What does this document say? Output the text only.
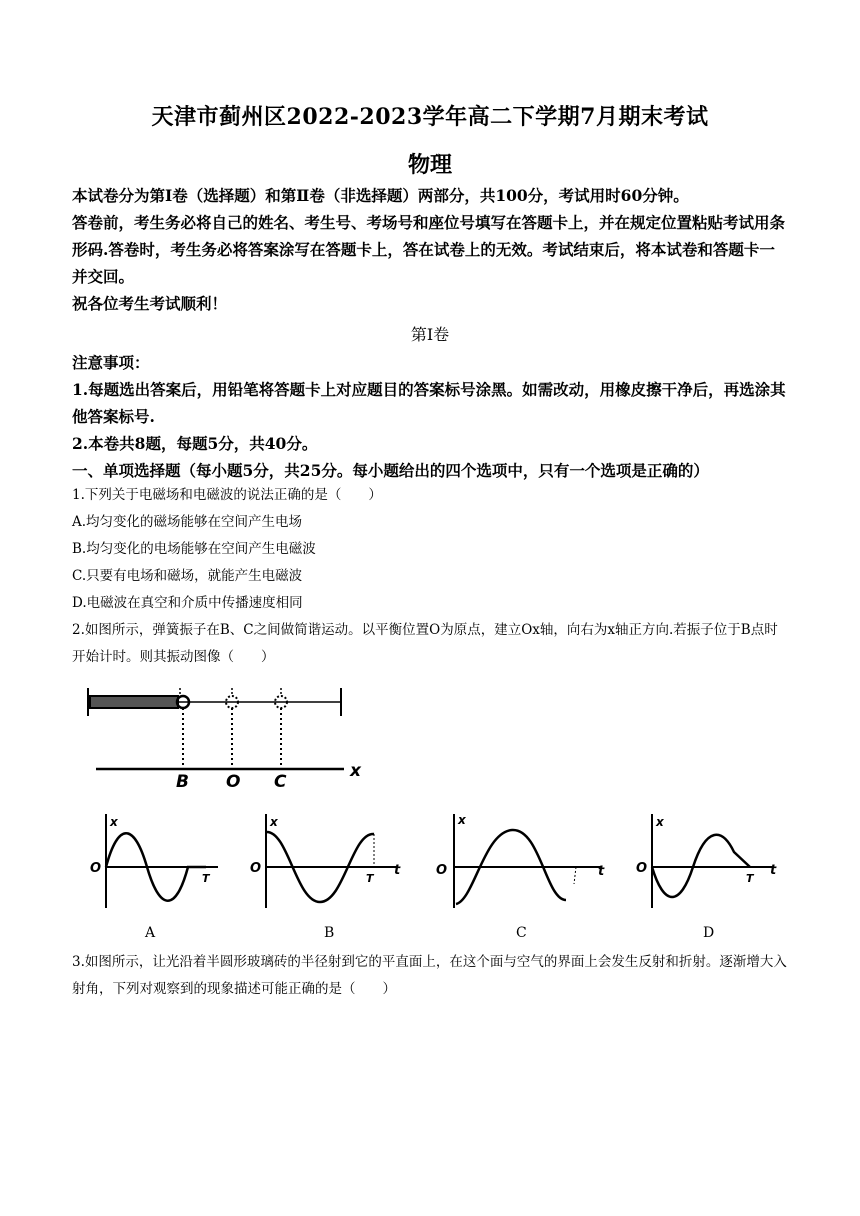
天津市蓟州区2022-2023学年高二下学期7月期末考试
物理

本试卷分为第Ⅰ卷（选择题）和第Ⅱ卷（非选择题）两部分，共100分，考试用时60分钟。

答卷前，考生务必将自己的姓名、考生号、考场号和座位号填写在答题卡上，并在规定位置粘贴考试用条形码.答卷时，考生务必将答案涂写在答题卡上，答在试卷上的无效。考试结束后，将本试卷和答题卡一并交回。

祝各位考生考试顺利！

第Ⅰ卷

注意事项：

1.每题选出答案后，用铅笔将答题卡上对应题目的答案标号涂黑。如需改动，用橡皮擦干净后，再选涂其他答案标号.

2.本卷共8题，每题5分，共40分。

一、单项选择题（每小题5分，共25分。每小题给出的四个选项中，只有一个选项是正确的）

1.下列关于电磁场和电磁波的说法正确的是（　　）

A.均匀变化的磁场能够在空间产生电场

B.均匀变化的电场能够在空间产生电磁波

C.只要有电场和磁场，就能产生电磁波

D.电磁波在真空和介质中传播速度相同

2.如图所示，弹簧振子在B、C之间做简谐运动。以平衡位置O为原点，建立Ox轴，向右为x轴正方向.若振子位于B点时开始计时。则其振动图像（　　）

B O C
x
x
O
T
x
O
T
t
x
O	t
x
O
T
t
A	B	C	D

3.如图所示，让光沿着半圆形玻璃砖的半径射到它的平直面上，在这个面与空气的界面上会发生反射和折射。逐渐增大入射角，下列对观察到的现象描述可能正确的是（　　）
